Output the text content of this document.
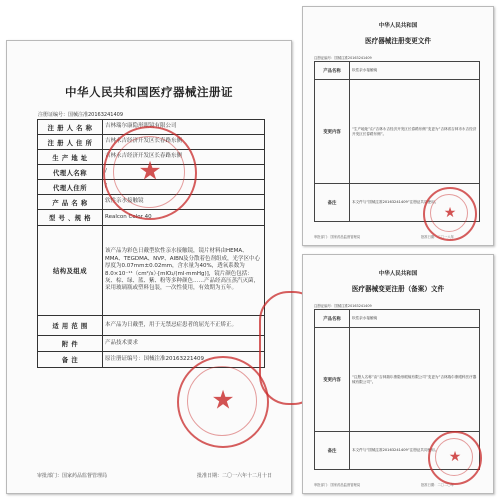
中华人民共和国医疗器械注册证
注册证编号：国械注准20163241409
注 册 人 名 称	吉林瑞尔康隐形眼镜有限公司
注 册 人 住 所	吉林永吉经济开发区长春路东侧
生 产 地 址	吉林永吉经济开发区长春路东侧
代理人名称	/
代理人住所	/
产 品 名 称	软性亲水接触镜
型 号 、规 格	Realcon Color 40
结构及组成	该产品为彩色日戴型软性亲水接触镜，镜片材料由HEMA、MMA、TEGDMA、NVP、AIBN及分散着色剂组成，光学区中心厚度为0.07mm±0.02mm，含水量为40%，透氧系数为8.0×10⁻¹¹（cm²/s）·[mlO₂/(ml·mmHg)]，镜片颜色包括：灰、棕、绿、蓝、紫、粉等多种颜色……产品经高压蒸汽灭菌，采用玻璃瓶或塑料包装，一次性使用，有效期为五年。
适 用 范 围	本产品为日戴型，用于无禁忌症患者的屈光不正矫正。
附 件	产品技术要求
备 注	原注册证编号：国械注准20163221409
审批部门：国家药品监督管理局	批准日期：二〇一六年十二月十日
★
★
中华人民共和国
医疗器械注册变更文件
注册证编号：国械注准20163241409
产品名称	软性亲水接触镜
变更内容	“生产地址”由“吉林永吉经济开发区长春路东侧”变更为“吉林省吉林市永吉经济开发区长春路东侧”。
备注	本文件与“国械注准20163241409”注册证共同使用。
审批部门：国家药品监督管理局	批准日期：二〇一八年
★
中华人民共和国
医疗器械变更注册（备案）文件
注册证编号：国械注准20163241409
产品名称	软性亲水接触镜
变更内容	“注册人名称”由“吉林瑞尔康隐形眼镜有限公司”变更为“吉林瑞尔康眼科医疗器械有限公司”。
备注	本文件与“国械注准20163241409”注册证共同使用。
审批部门：国家药品监督管理局	批准日期：二〇二〇年
★
